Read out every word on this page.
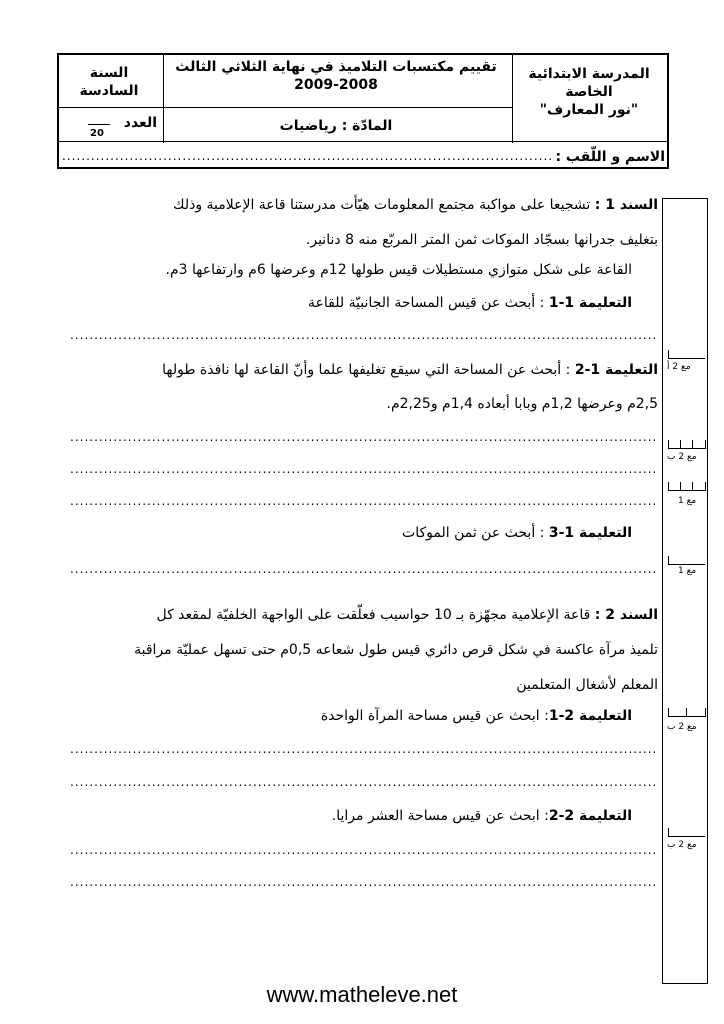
المدرسة الابتدائية الخاصة
"نور المعارف"
تقييم مكتسبات التلاميذ في نهاية الثلاثي الثالث
2009-2008
المادّة : رياضيات
السنة السادسة
العدد
20
الاسم و اللّقب :
.....
السند 1 : تشجيعا على مواكبة مجتمع المعلومات هيّأت مدرستنا قاعة الإعلامية وذلك
بتغليف جدرانها بسجّاد الموكات ثمن المتر المربّع منه 8 دنانير.
القاعة على شكل متوازي مستطيلات قيس طولها 12م وعرضها 6م وارتفاعها 3م.
التعليمة 1-1 : أبحث عن قيس المساحة الجانبيّة للقاعة
.....
التعليمة 1-2 : أبحث عن المساحة التي سيقع تغليفها علما وأنّ القاعة لها نافذة طولها
2,5م وعرضها 1,2م وبابا أبعاده 1,4م و2,25م.
.....
.....
.....
التعليمة 1-3 : أبحث عن ثمن الموكات
.....
السند 2 : قاعة الإعلامية مجهّزة بـ 10 حواسيب فعلّقت على الواجهة الخلفيّة لمقعد كل
تلميذ مرآة عاكسة في شكل قرص دائري قيس طول شعاعه 0,5م حتى تسهل عمليّة مراقبة
المعلم لأشغال المتعلمين
التعليمة 2-1: ابحث عن قيس مساحة المرآة الواحدة
.....
.....
التعليمة 2-2: ابحث عن قيس مساحة العشر مرايا.
.....
.....
مع 2 أ
مع 2 ب
مع 1
مع 1
مع 2 ب
مع 2 ب
www.matheleve.net
